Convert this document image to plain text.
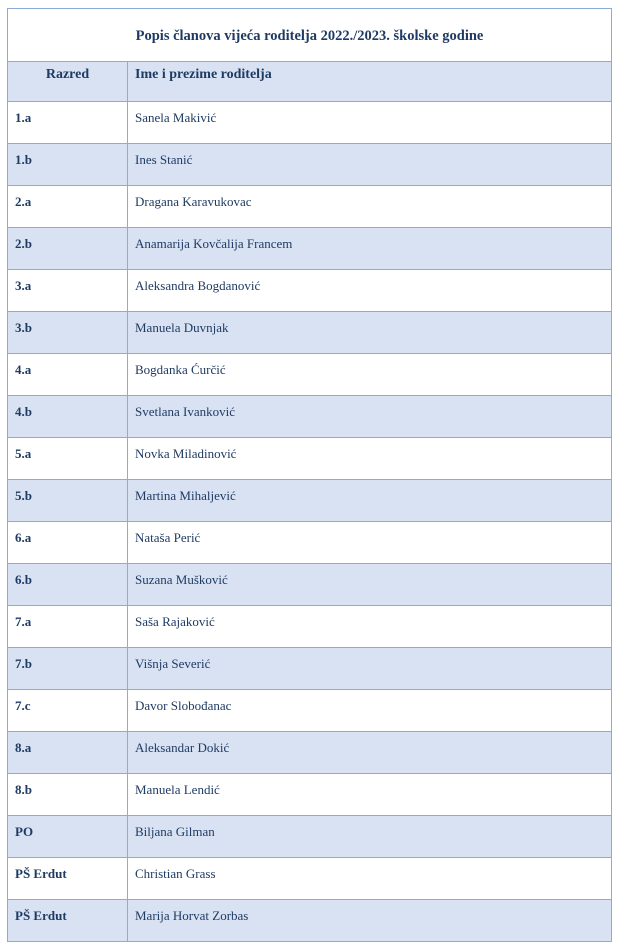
Popis članova vijeća roditelja 2022./2023. školske godine	
Razred	Ime i prezime roditelja
1.a	Sanela Makivić
1.b	Ines Stanić
2.a	Dragana Karavukovac
2.b	Anamarija Kovčalija Francem
3.a	Aleksandra Bogdanović
3.b	Manuela Duvnjak
4.a	Bogdanka Ćurčić
4.b	Svetlana Ivanković
5.a	Novka Miladinović
5.b	Martina Mihaljević
6.a	Nataša Perić
6.b	Suzana Mušković
7.a	Saša Rajaković
7.b	Višnja Severić
7.c	Davor Slobođanac
8.a	Aleksandar Dokić
8.b	Manuela Lendić
PO	Biljana Gilman
PŠ Erdut	Christian Grass
PŠ Erdut	Marija Horvat Zorbas
